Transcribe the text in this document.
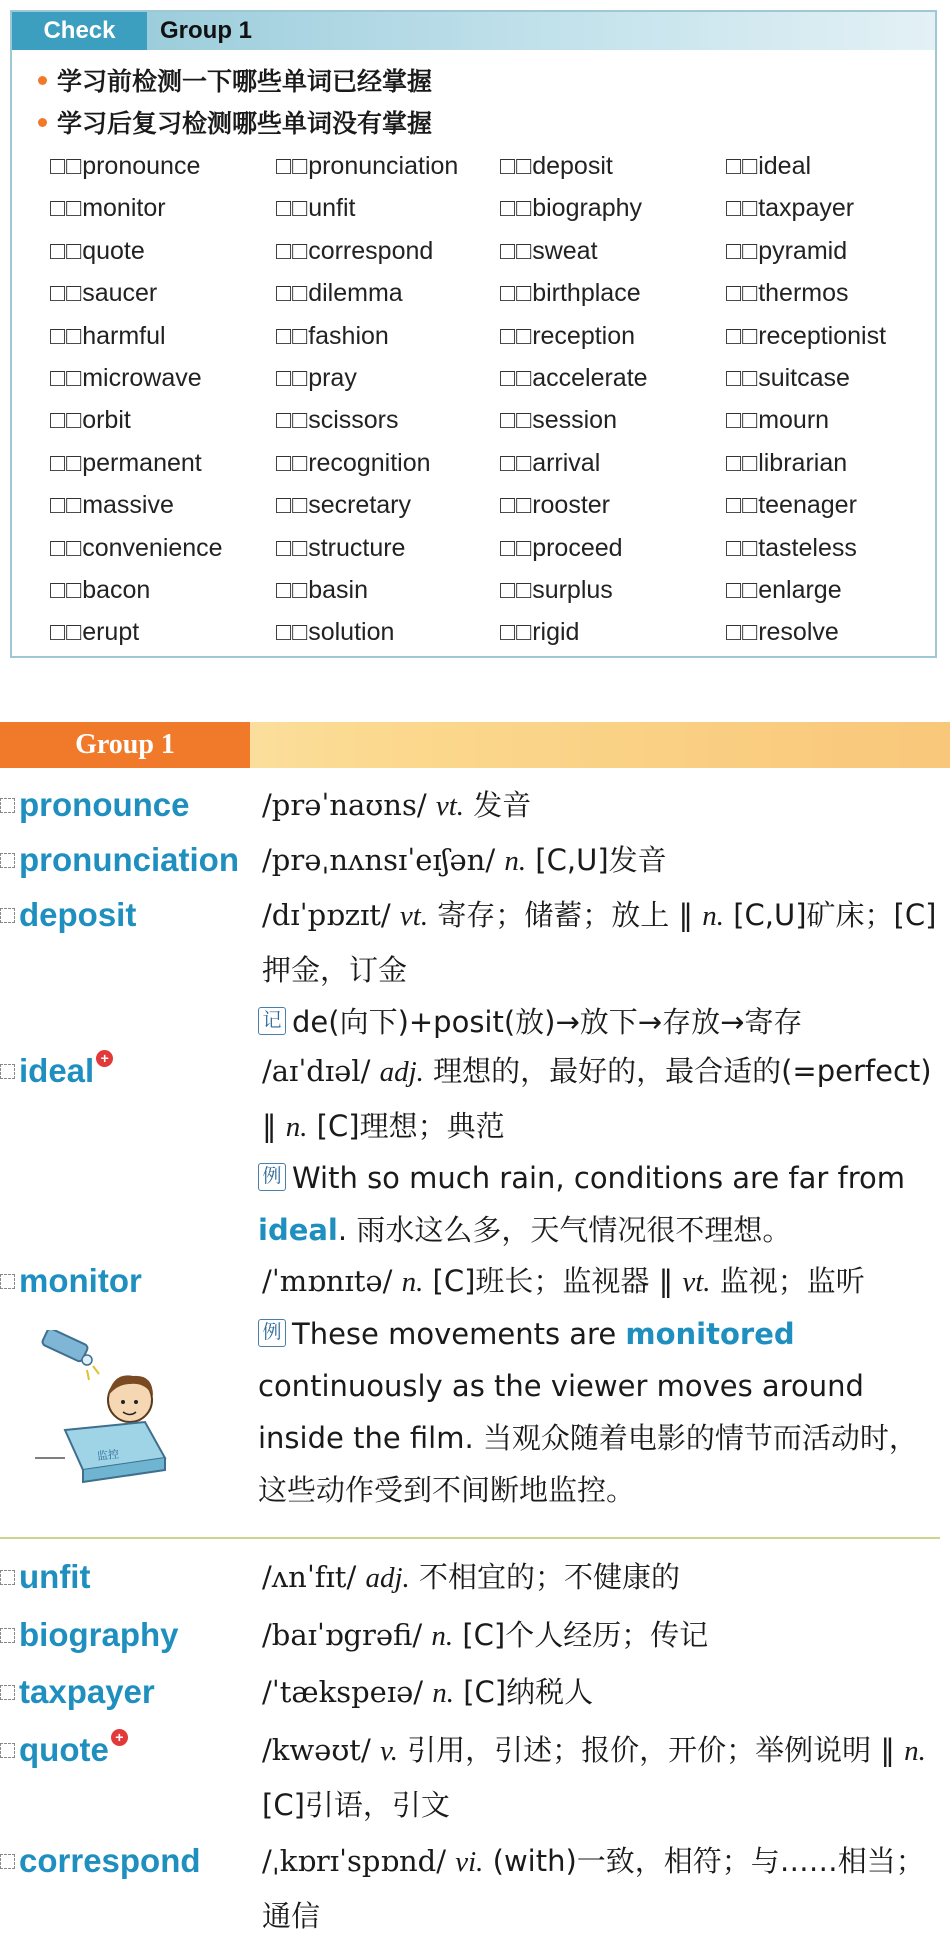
Check	Group 1
学习前检测一下哪些单词已经掌握
学习后复习检测哪些单词没有掌握
□□pronounce	□□pronunciation □□deposit	□□ideal
□□monitor	□□unfit	□□biography	□□taxpayer
□□quote	□□correspond	□□sweat	□□pyramid
□□saucer	□□dilemma	□□birthplace	□□thermos
□□harmful	□□fashion	□□reception	□□receptionist
□□microwave	□□pray	□□accelerate	□□suitcase
□□orbit	□□scissors	□□session	□□mourn
□□permanent	□□recognition	□□arrival	□□librarian
□□massive	□□secretary	□□rooster	□□teenager
□□convenience □□structure	□□proceed	□□tasteless
□□bacon	□□basin	□□surplus	□□enlarge
□□erupt	□□solution	□□rigid	□□resolve
Group 1
pronounce	/prəˈnaʊns/ vt. 发音
pronunciation /prəˌnʌnsɪˈeɪʃən/ n. [C,U]发音
deposit	/dɪˈpɒzɪt/ vt. 寄存；储蓄；放上 ‖ n. [C,U]矿床；[C]押金，订金
记 de(向下)+posit(放)→放下→存放→寄存
ideal +	/aɪˈdɪəl/ adj. 理想的，最好的，最合适的(=perfect) ‖ n. [C]理想；典范
例 With so much rain, conditions are far from ideal. 雨水这么多，天气情况很不理想。
monitor	/ˈmɒnɪtə/ n. [C]班长；监视器 ‖ vt. 监视；监听
例 These movements are monitored continuously as the viewer moves around inside the film. 当观众随着电影的情节而活动时，这些动作受到不间断地监控。
监控
unfit	/ʌnˈfɪt/ adj. 不相宜的；不健康的
biography	/baɪˈɒgrəfi/ n. [C]个人经历；传记
taxpayer	/ˈtækspeɪə/ n. [C]纳税人
quote +	/kwəʊt/ v. 引用，引述；报价，开价；举例说明 ‖ n. [C]引语，引文
correspond /ˌkɒrɪˈspɒnd/ vi. (with)一致，相符；与……相当；通信
